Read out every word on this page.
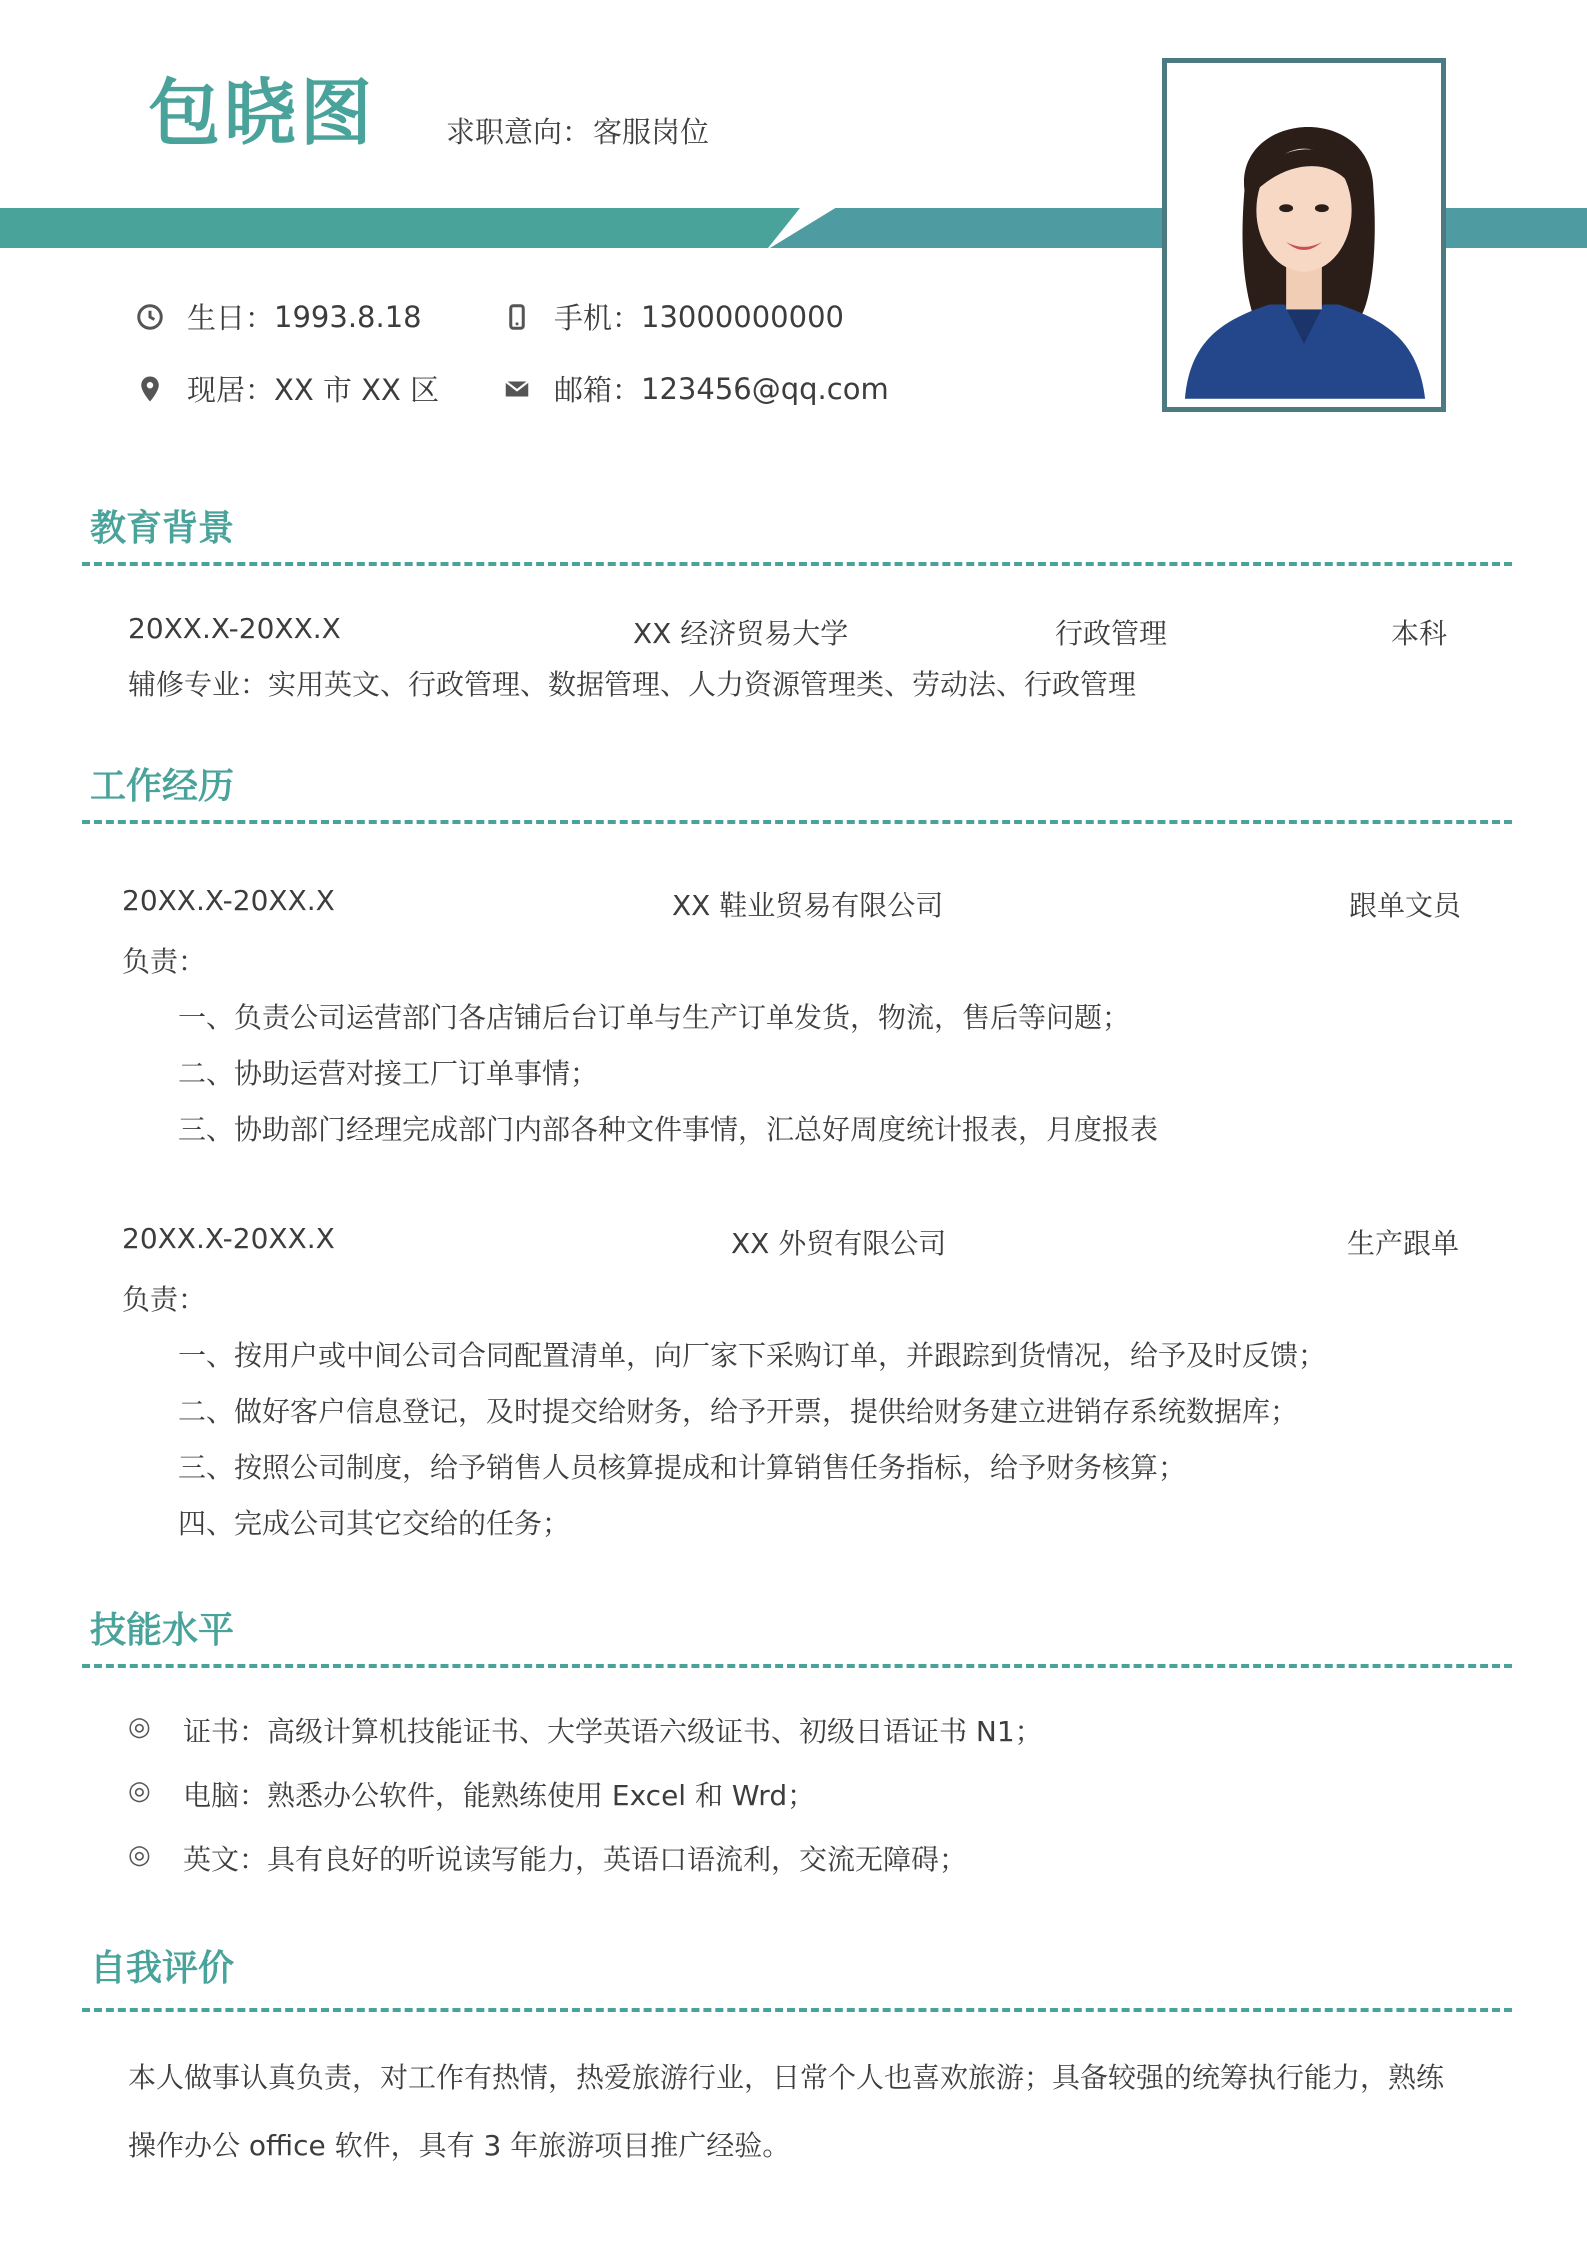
包晓图 求职意向：客服岗位
生日： 1993.8.18	手机： 13000000000
现居： XX 市 XX 区	邮箱： 123456@qq.com
教育背景
20XX.X-20XX.X	XX 经济贸易大学	行政管理	本科
辅修专业：实用英文、行政管理、数据管理、人力资源管理类、劳动法、行政管理
工作经历
20XX.X-20XX.X	XX 鞋业贸易有限公司	跟单文员
负责：
一、负责公司运营部门各店铺后台订单与生产订单发货，物流，售后等问题；
二、协助运营对接工厂订单事情；
三、协助部门经理完成部门内部各种文件事情，汇总好周度统计报表，月度报表
20XX.X-20XX.X	XX 外贸有限公司	生产跟单
负责：
一、按用户或中间公司合同配置清单，向厂家下采购订单，并跟踪到货情况，给予及时反馈；
二、做好客户信息登记，及时提交给财务，给予开票，提供给财务建立进销存系统数据库；
三、按照公司制度，给予销售人员核算提成和计算销售任务指标，给予财务核算；
四、完成公司其它交给的任务；
技能水平
◎ 证书：高级计算机技能证书、大学英语六级证书、初级日语证书 N1；
◎ 电脑：熟悉办公软件，能熟练使用 Excel 和 Wrd；
◎ 英文：具有良好的听说读写能力，英语口语流利，交流无障碍；
自我评价
本人做事认真负责，对工作有热情，热爱旅游行业，日常个人也喜欢旅游；具备较强的统筹执行能力，熟练
操作办公 office 软件，具有 3 年旅游项目推广经验。
